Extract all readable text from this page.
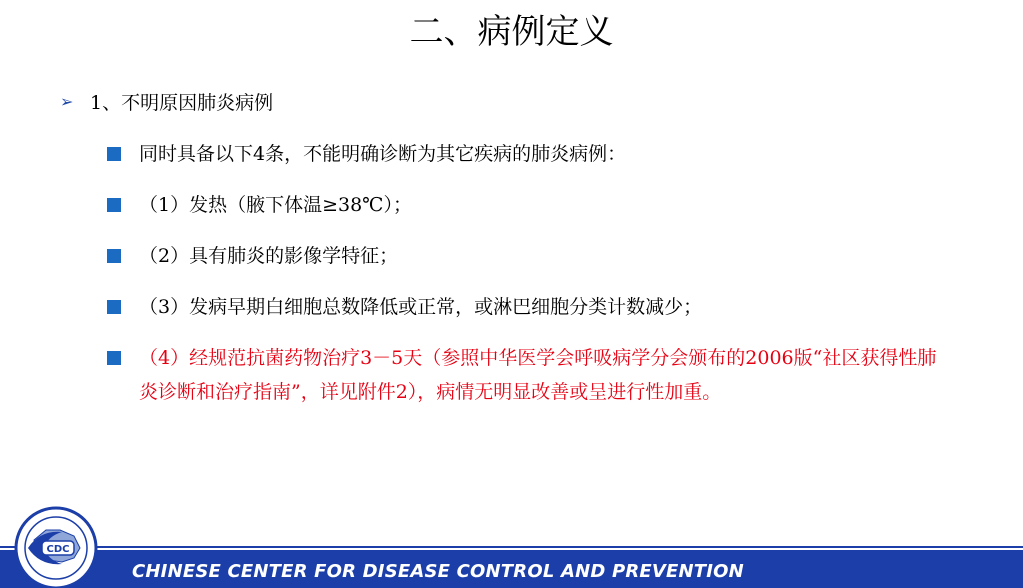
二、病例定义
➢ 1、不明原因肺炎病例
同时具备以下4条，不能明确诊断为其它疾病的肺炎病例：
（1）发热（腋下体温≥38℃）；
（2）具有肺炎的影像学特征；
（3）发病早期白细胞总数降低或正常，或淋巴细胞分类计数减少；
（4）经规范抗菌药物治疗3－5天（参照中华医学会呼吸病学分会颁布的2006版“社区获得性肺炎诊断和治疗指南”，详见附件2），病情无明显改善或呈进行性加重。
CHINESE CENTER FOR DISEASE CONTROL AND PREVENTION
CDC
